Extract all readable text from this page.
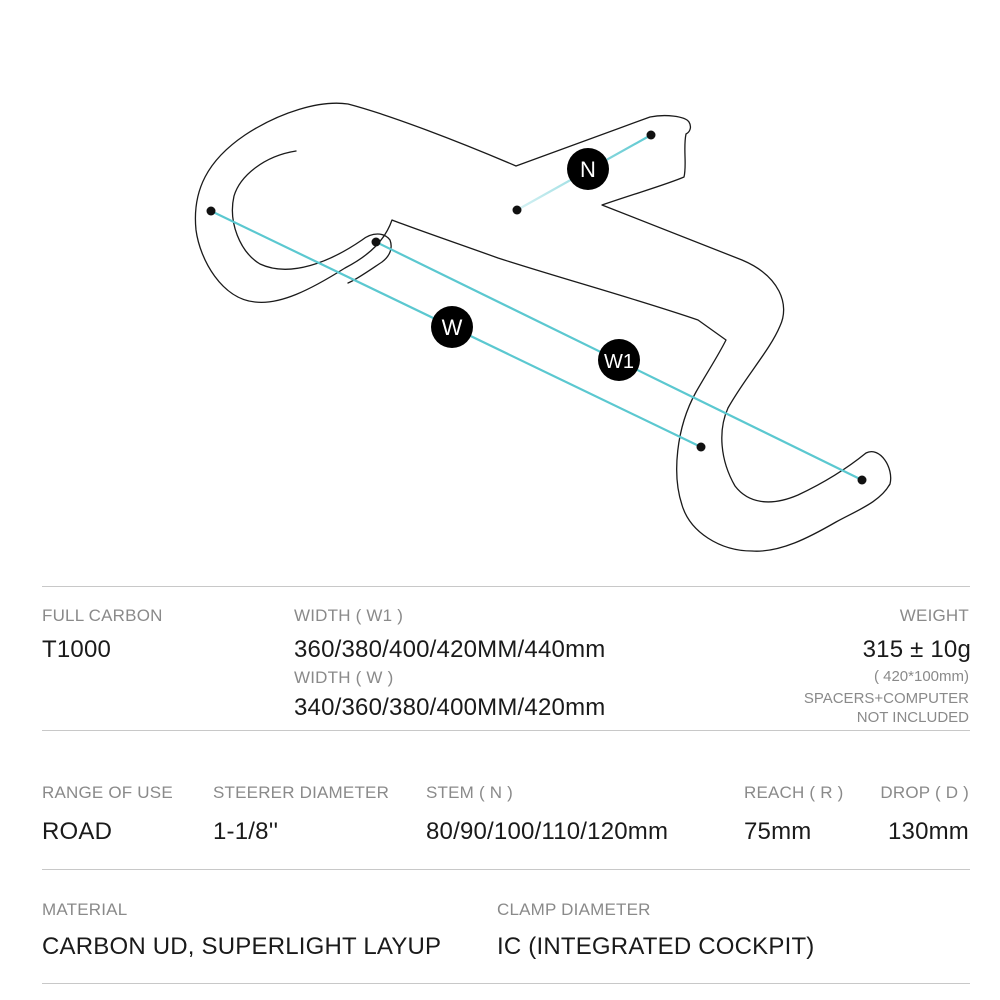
N
W
W1
FULL CARBON
T1000
WIDTH ( W1 )
360/380/400/420MM/440mm
WIDTH ( W )
340/360/380/400MM/420mm
WEIGHT
315 ± 10g
( 420*100mm)
SPACERS+COMPUTER
NOT INCLUDED
RANGE OF USE
ROAD
STEERER DIAMETER
1-1/8''
STEM ( N )
80/90/100/110/120mm
REACH ( R )
75mm
DROP ( D )
130mm
MATERIAL
CARBON UD, SUPERLIGHT LAYUP
CLAMP DIAMETER
IC (INTEGRATED COCKPIT)
